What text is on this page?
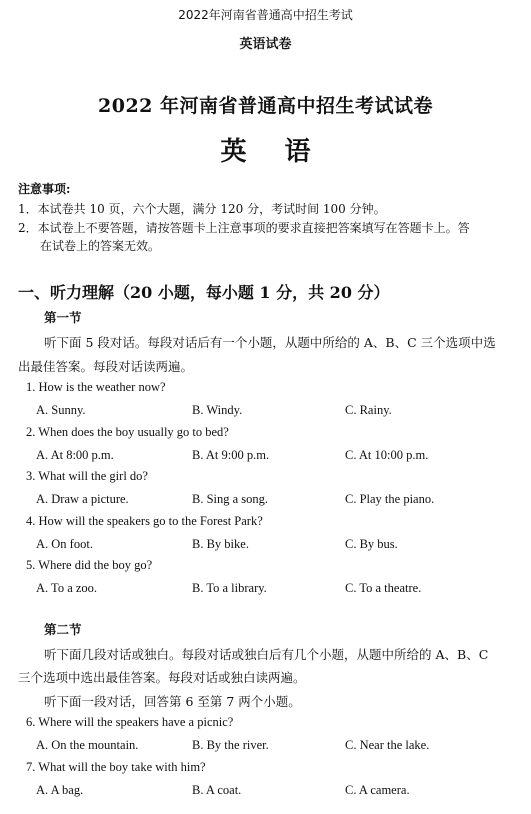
2022年河南省普通高中招生考试
英语试卷
2022 年河南省普通高中招生考试试卷
英语
注意事项:
1．本试卷共 10 页，六个大题，满分 120 分，考试时间 100 分钟。
2．本试卷上不要答题，请按答题卡上注意事项的要求直接把答案填写在答题卡上。答
在试卷上的答案无效。
一、听力理解（20 小题，每小题 1 分，共 20 分）
第一节
听下面 5 段对话。每段对话后有一个小题，从题中所给的 A、B、C 三个选项中选
出最佳答案。每段对话读两遍。
1. How is the weather now?
A. Sunny.	B. Windy.	C. Rainy.
2. When does the boy usually go to bed?
A. At 8:00 p.m.	B. At 9:00 p.m.	C. At 10:00 p.m.
3. What will the girl do?
A. Draw a picture.	B. Sing a song.	C. Play the piano.
4. How will the speakers go to the Forest Park?
A. On foot.	B. By bike.	C. By bus.
5. Where did the boy go?
A. To a zoo.	B. To a library.	C. To a theatre.
第二节
听下面几段对话或独白。每段对话或独白后有几个小题，从题中所给的 A、B、C
三个选项中选出最佳答案。每段对话或独白读两遍。
听下面一段对话，回答第 6 至第 7 两个小题。
6. Where will the speakers have a picnic?
A. On the mountain.	B. By the river.	C. Near the lake.
7. What will the boy take with him?
A. A bag.	B. A coat.	C. A camera.
